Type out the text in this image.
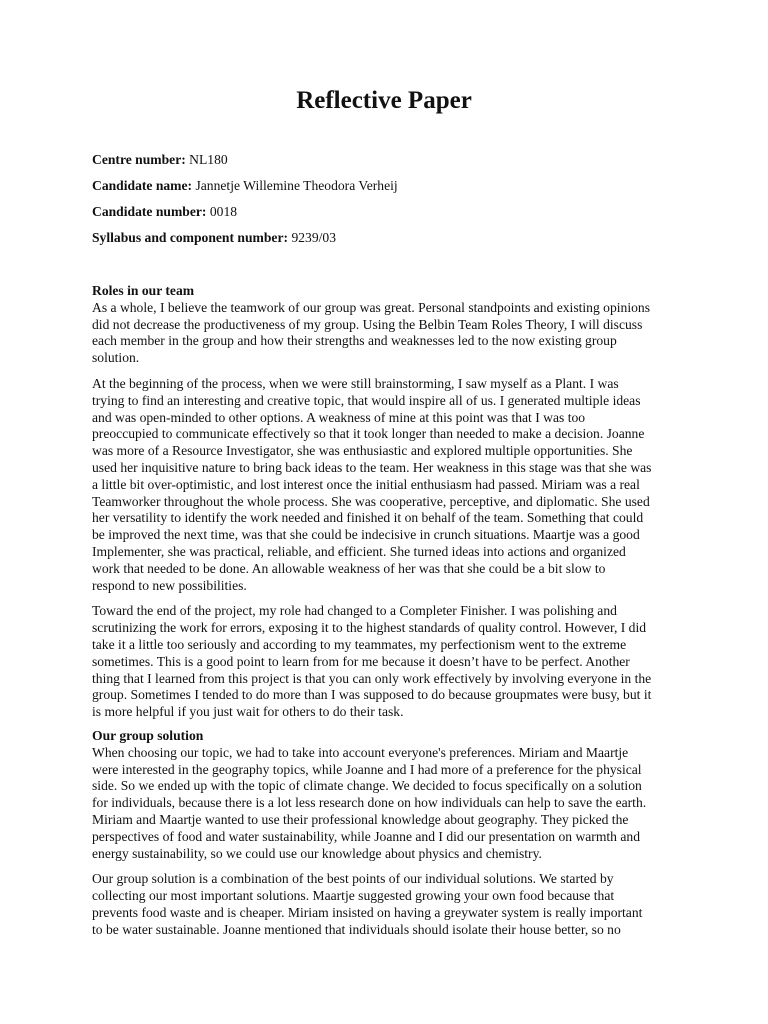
Reflective Paper
Centre number: NL180
Candidate name: Jannetje Willemine Theodora Verheij
Candidate number: 0018
Syllabus and component number: 9239/03
Roles in our team
As a whole, I believe the teamwork of our group was great. Personal standpoints and existing opinions
did not decrease the productiveness of my group. Using the Belbin Team Roles Theory, I will discuss
each member in the group and how their strengths and weaknesses led to the now existing group
solution.
At the beginning of the process, when we were still brainstorming, I saw myself as a Plant. I was
trying to find an interesting and creative topic, that would inspire all of us. I generated multiple ideas
and was open-minded to other options. A weakness of mine at this point was that I was too
preoccupied to communicate effectively so that it took longer than needed to make a decision. Joanne
was more of a Resource Investigator, she was enthusiastic and explored multiple opportunities. She
used her inquisitive nature to bring back ideas to the team. Her weakness in this stage was that she was
a little bit over-optimistic, and lost interest once the initial enthusiasm had passed. Miriam was a real
Teamworker throughout the whole process. She was cooperative, perceptive, and diplomatic. She used
her versatility to identify the work needed and finished it on behalf of the team. Something that could
be improved the next time, was that she could be indecisive in crunch situations. Maartje was a good
Implementer, she was practical, reliable, and efficient. She turned ideas into actions and organized
work that needed to be done. An allowable weakness of her was that she could be a bit slow to
respond to new possibilities.
Toward the end of the project, my role had changed to a Completer Finisher. I was polishing and
scrutinizing the work for errors, exposing it to the highest standards of quality control. However, I did
take it a little too seriously and according to my teammates, my perfectionism went to the extreme
sometimes. This is a good point to learn from for me because it doesn’t have to be perfect. Another
thing that I learned from this project is that you can only work effectively by involving everyone in the
group. Sometimes I tended to do more than I was supposed to do because groupmates were busy, but it
is more helpful if you just wait for others to do their task.
Our group solution
When choosing our topic, we had to take into account everyone's preferences. Miriam and Maartje
were interested in the geography topics, while Joanne and I had more of a preference for the physical
side. So we ended up with the topic of climate change. We decided to focus specifically on a solution
for individuals, because there is a lot less research done on how individuals can help to save the earth.
Miriam and Maartje wanted to use their professional knowledge about geography. They picked the
perspectives of food and water sustainability, while Joanne and I did our presentation on warmth and
energy sustainability, so we could use our knowledge about physics and chemistry.
Our group solution is a combination of the best points of our individual solutions. We started by
collecting our most important solutions. Maartje suggested growing your own food because that
prevents food waste and is cheaper. Miriam insisted on having a greywater system is really important
to be water sustainable. Joanne mentioned that individuals should isolate their house better, so no
